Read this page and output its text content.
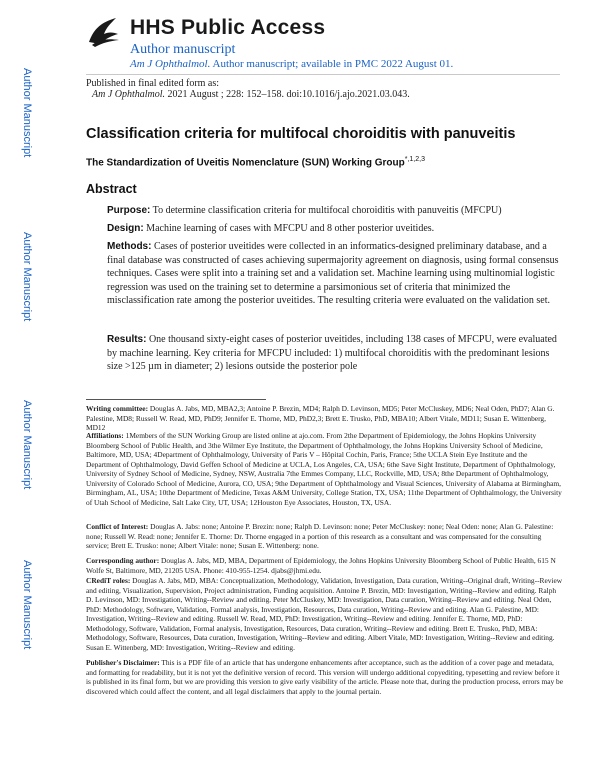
HHS Public Access
Author manuscript
Am J Ophthalmol. Author manuscript; available in PMC 2022 August 01.
Published in final edited form as:
Am J Ophthalmol. 2021 August ; 228: 152–158. doi:10.1016/j.ajo.2021.03.043.
Author Manuscript
Author Manuscript
Author Manuscript
Author Manuscript
Classification criteria for multifocal choroiditis with panuveitis
The Standardization of Uveitis Nomenclature (SUN) Working Group$^{*,1,2,3}$
Abstract
Purpose: To determine classification criteria for multifocal choroiditis with panuveitis (MFCPU)
Design: Machine learning of cases with MFCPU and 8 other posterior uveitides.
Methods: Cases of posterior uveitides were collected in an informatics-designed preliminary database, and a final database was constructed of cases achieving supermajority agreement on diagnosis, using formal consensus techniques. Cases were split into a training set and a validation set. Machine learning using multinomial logistic regression was used on the training set to determine a parsimonious set of criteria that minimized the misclassification rate among the posterior uveitides. The resulting criteria were evaluated on the validation set.
Results: One thousand sixty-eight cases of posterior uveitides, including 138 cases of MFCPU, were evaluated by machine learning. Key criteria for MFCPU included: 1) multifocal choroiditis with the predominant lesions size >125 µm in diameter; 2) lesions outside the posterior pole
Writing committee: Douglas A. Jabs, MD, MBA2,3; Antoine P. Brezin, MD4; Ralph D. Levinson, MD5; Peter McCluskey, MD6; Neal Oden, PhD7; Alan G. Palestine, MD8; Russell W. Read, MD, PhD9; Jennifer E. Thorne, MD, PhD2,3; Brett E. Trusko, PhD, MBA10; Albert Vitale, MD11; Susan E. Wittenberg, MD12
Affiliations: 1Members of the SUN Working Group are listed online at ajo.com. From 2the Department of Epidemiology, the Johns Hopkins University Bloomberg School of Public Health, and 3the Wilmer Eye Institute, the Department of Ophthalmology, the Johns Hopkins University School of Medicine, Baltimore, MD, USA; 4Department of Ophthalmology, University of Paris V – Hôpital Cochin, Paris, France; 5the UCLA Stein Eye Institute and the Department of Ophthalmology, David Geffen School of Medicine at UCLA, Los Angeles, CA, USA; 6the Save Sight Institute, Department of Ophthalmology, University of Sydney School of Medicine, Sydney, NSW, Australia 7the Emmes Company, LLC, Rockville, MD, USA; 8the Department of Ophthalmology, University of Colorado School of Medicine, Aurora, CO, USA; 9the Department of Ophthalmology and Visual Sciences, University of Alabama at Birmingham, Birmingham, AL, USA; 10the Department of Medicine, Texas A&M University, College Station, TX, USA; 11the Department of Ophthalmology, the University of Utah School of Medicine, Salt Lake City, UT, USA; 12Houston Eye Associates, Houston, TX, USA.
Conflict of Interest: Douglas A. Jabs: none; Antoine P. Brezin: none; Ralph D. Levinson: none; Peter McCluskey: none; Neal Oden: none; Alan G. Palestine: none; Russell W. Read: none; Jennifer E. Thorne: Dr. Thorne engaged in a portion of this research as a consultant and was compensated for the consulting service; Brett E. Trusko: none; Albert Vitale: none; Susan E. Wittenberg: none.
Corresponding author: Douglas A. Jabs, MD, MBA, Department of Epidemiology, the Johns Hopkins University Bloomberg School of Public Health, 615 N Wolfe St, Baltimore, MD, 21205 USA. Phone: 410-955-1254. djabs@jhmi.edu.
CRediT roles: Douglas A. Jabs, MD, MBA: Conceptualization, Methodology, Validation, Investigation, Data curation, Writing--Original draft, Writing--Review and editing, Visualization, Supervision, Project administration, Funding acquisition. Antoine P. Brezin, MD: Investigation, Writing--Review and editing. Ralph D. Levinson, MD: Investigation, Writing--Review and editing. Peter McCluskey, MD: Investigation, Data curation, Writing--Review and editing. Neal Oden, PhD: Methodology, Software, Validation, Formal analysis, Investigation, Resources, Data curation, Writing--Review and editing. Alan G. Palestine, MD: Investigation, Writing--Review and editing. Russell W. Read, MD, PhD: Investigation, Writing--Review and editing. Jennifer E. Thorne, MD, PhD: Methodology, Software, Validation, Formal analysis, Investigation, Resources, Data curation, Writing--Review and editing. Brett E. Trusko, PhD, MBA: Methodology, Software, Resources, Data curation, Investigation, Writing--Review and editing. Albert Vitale, MD: Investigation, Writing--Review and editing. Susan E. Wittenberg, MD: Investigation, Writing--Review and editing.
Publisher's Disclaimer: This is a PDF file of an article that has undergone enhancements after acceptance, such as the addition of a cover page and metadata, and formatting for readability, but it is not yet the definitive version of record. This version will undergo additional copyediting, typesetting and review before it is published in its final form, but we are providing this version to give early visibility of the article. Please note that, during the production process, errors may be discovered which could affect the content, and all legal disclaimers that apply to the journal pertain.
